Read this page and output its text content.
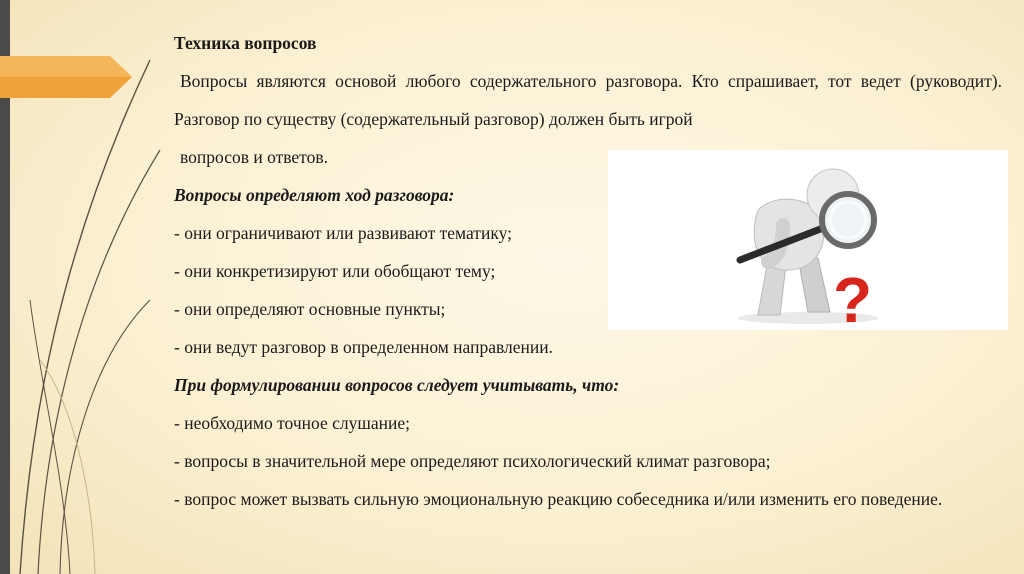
Техника вопросов

Вопросы являются основой любого содержательного разговора. Кто спрашивает, тот ведет (руководит). Разговор по существу (содержательный разговор) должен быть игрой

вопросов и ответов.

Вопросы определяют ход разговора:

- они ограничивают или развивают тематику;

- они конкретизируют или обобщают тему;

- они определяют основные пункты;

- они ведут разговор в определенном направлении.

При формулировании вопросов следует учитывать, что:

- необходимо точное слушание;

- вопросы в значительной мере определяют психологический климат разговора;

- вопрос может вызвать сильную эмоциональную реакцию собеседника и/или изменить его поведение.

?
